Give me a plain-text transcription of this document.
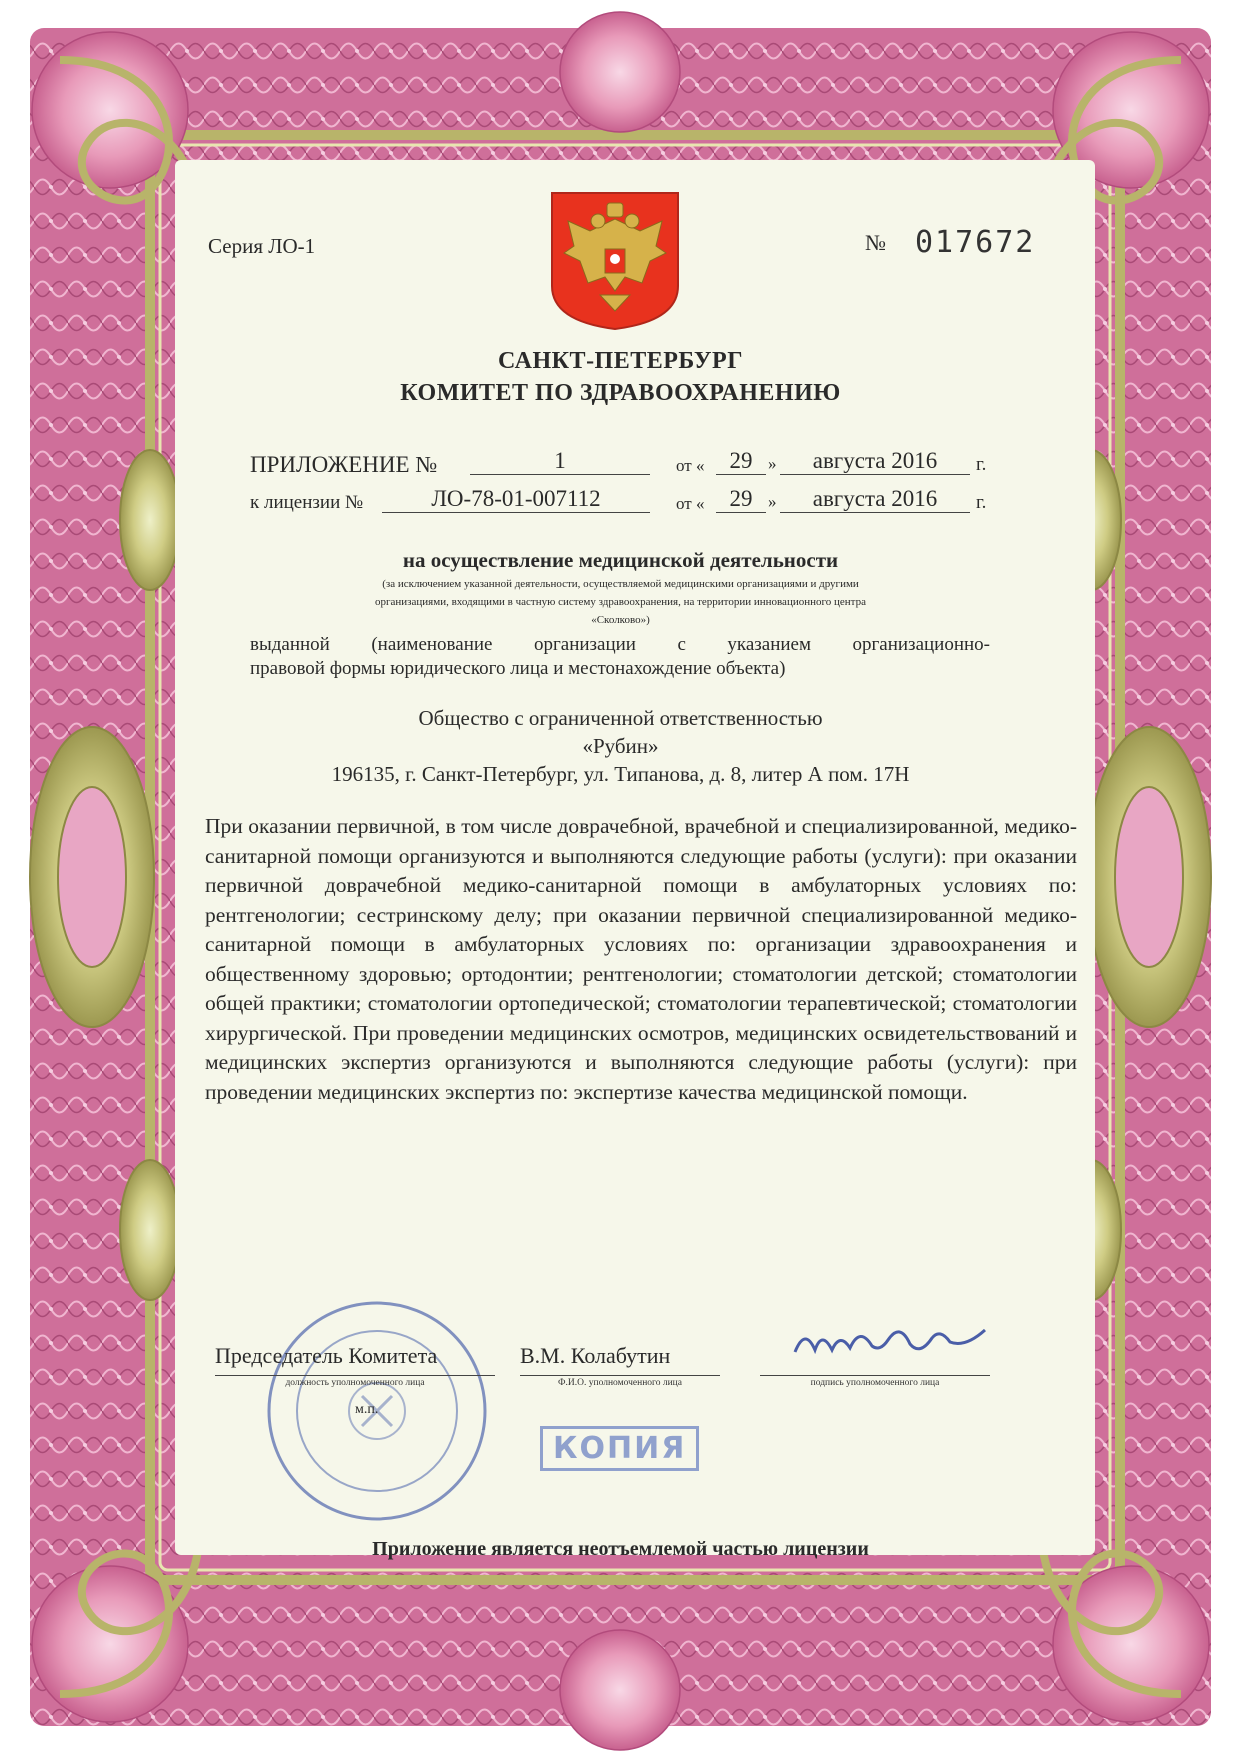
Серия ЛО-1	№ 017672
САНКТ-ПЕТЕРБУРГ
КОМИТЕТ ПО ЗДРАВООХРАНЕНИЮ
ПРИЛОЖЕНИЕ №	1	от «	29 »	августа 2016	г.
к лицензии №	ЛО-78-01-007112	от «	29 »	августа 2016	г.
на осуществление медицинской деятельности
(за исключением указанной деятельности, осуществляемой медицинскими организациями и другими
организациями, входящими в частную систему здравоохранения, на территории инновационного центра
«Сколково»)
выданной (наименование организации с указанием организационно-
правовой формы юридического лица и местонахождение объекта)
Общество с ограниченной ответственностью
«Рубин»
196135, г. Санкт-Петербург, ул. Типанова, д. 8, литер А пом. 17Н

При оказании первичной, в том числе доврачебной, врачебной и специализированной, медико-санитарной помощи организуются и выполняются следующие работы (услуги): при оказании первичной доврачебной медико-санитарной помощи в амбулаторных условиях по: рентгенологии; сестринскому делу; при оказании первичной специализированной медико-санитарной помощи в амбулаторных условиях по: организации здравоохранения и общественному здоровью; ортодонтии; рентгенологии; стоматологии детской; стоматологии общей практики; стоматологии ортопедической; стоматологии терапевтической; стоматологии хирургической. При проведении медицинских осмотров, медицинских освидетельствований и медицинских экспертиз организуются и выполняются следующие работы (услуги): при проведении медицинских экспертиз по: экспертизе качества медицинской помощи.

КОПИЯ
Председатель Комитета
должность уполномоченного лица
В.М. Колабутин
Ф.И.О. уполномоченного лица	подпись уполномоченного лица
м.п.
Приложение является неотъемлемой частью лицензии
